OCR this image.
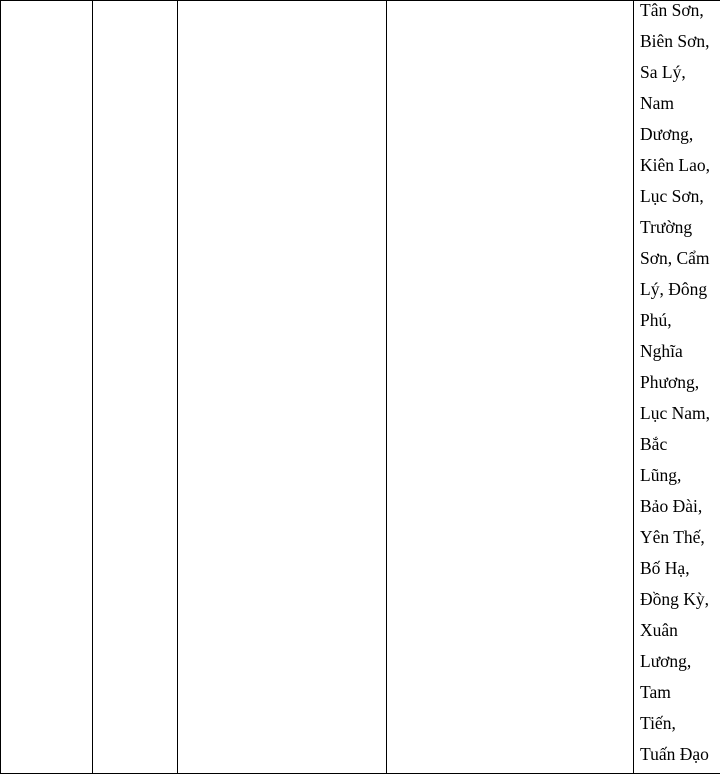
Tân Sơn,
Biên Sơn,
Sa Lý,
Nam
Dương,
Kiên Lao,
Lục Sơn,
Trường
Sơn, Cẩm
Lý, Đông
Phú,
Nghĩa
Phương,
Lục Nam,
Bắc
Lũng,
Bảo Đài,
Yên Thế,
Bố Hạ,
Đồng Kỳ,
Xuân
Lương,
Tam
Tiến,
Tuấn Đạo
